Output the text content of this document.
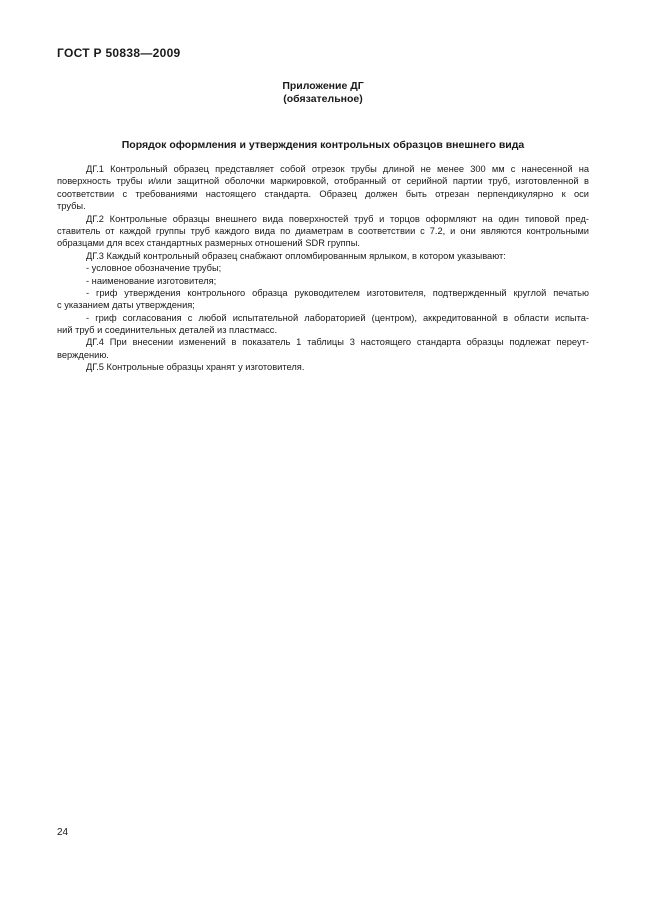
ГОСТ Р 50838—2009
Приложение ДГ
(обязательное)
Порядок оформления и утверждения контрольных образцов внешнего вида
ДГ.1 Контрольный образец представляет собой отрезок трубы длиной не менее 300 мм с нанесенной на
поверхность трубы и/или защитной оболочки маркировкой, отобранный от серийной партии труб, изготовленной в
соответствии с требованиями настоящего стандарта. Образец должен быть отрезан перпендикулярно к оси
трубы.
ДГ.2 Контрольные образцы внешнего вида поверхностей труб и торцов оформляют на один типовой пред-
ставитель от каждой группы труб каждого вида по диаметрам в соответствии с 7.2, и они являются контрольными
образцами для всех стандартных размерных отношений SDR группы.
ДГ.3 Каждый контрольный образец снабжают опломбированным ярлыком, в котором указывают:
- условное обозначение трубы;
- наименование изготовителя;
- гриф утверждения контрольного образца руководителем изготовителя, подтвержденный круглой печатью
с указанием даты утверждения;
- гриф согласования с любой испытательной лабораторией (центром), аккредитованной в области испыта-
ний труб и соединительных деталей из пластмасс.
ДГ.4 При внесении изменений в показатель 1 таблицы 3 настоящего стандарта образцы подлежат переут-
верждению.
ДГ.5 Контрольные образцы хранят у изготовителя.
24
